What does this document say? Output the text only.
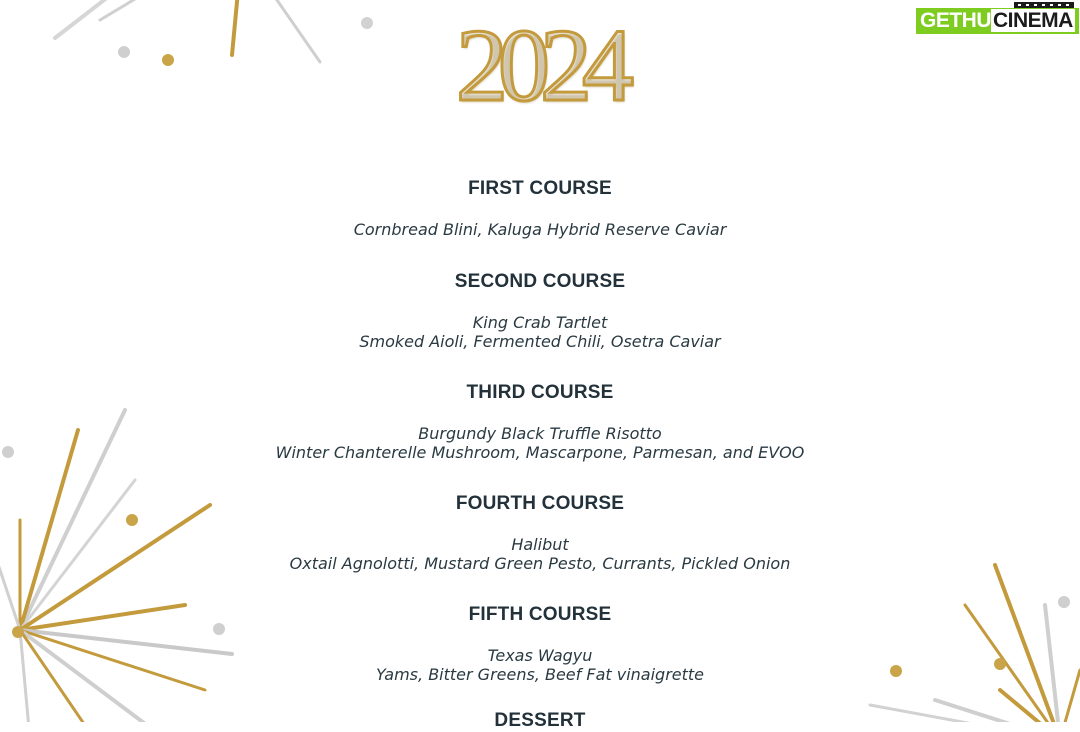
GETHUCINEMA
2024
FIRST COURSE
Cornbread Blini, Kaluga Hybrid Reserve Caviar
SECOND COURSE
King Crab Tartlet
Smoked Aioli, Fermented Chili, Osetra Caviar
THIRD COURSE
Burgundy Black Truffle Risotto
Winter Chanterelle Mushroom, Mascarpone, Parmesan, and EVOO
FOURTH COURSE
Halibut
Oxtail Agnolotti, Mustard Green Pesto, Currants, Pickled Onion
FIFTH COURSE
Texas Wagyu
Yams, Bitter Greens, Beef Fat vinaigrette
DESSERT
